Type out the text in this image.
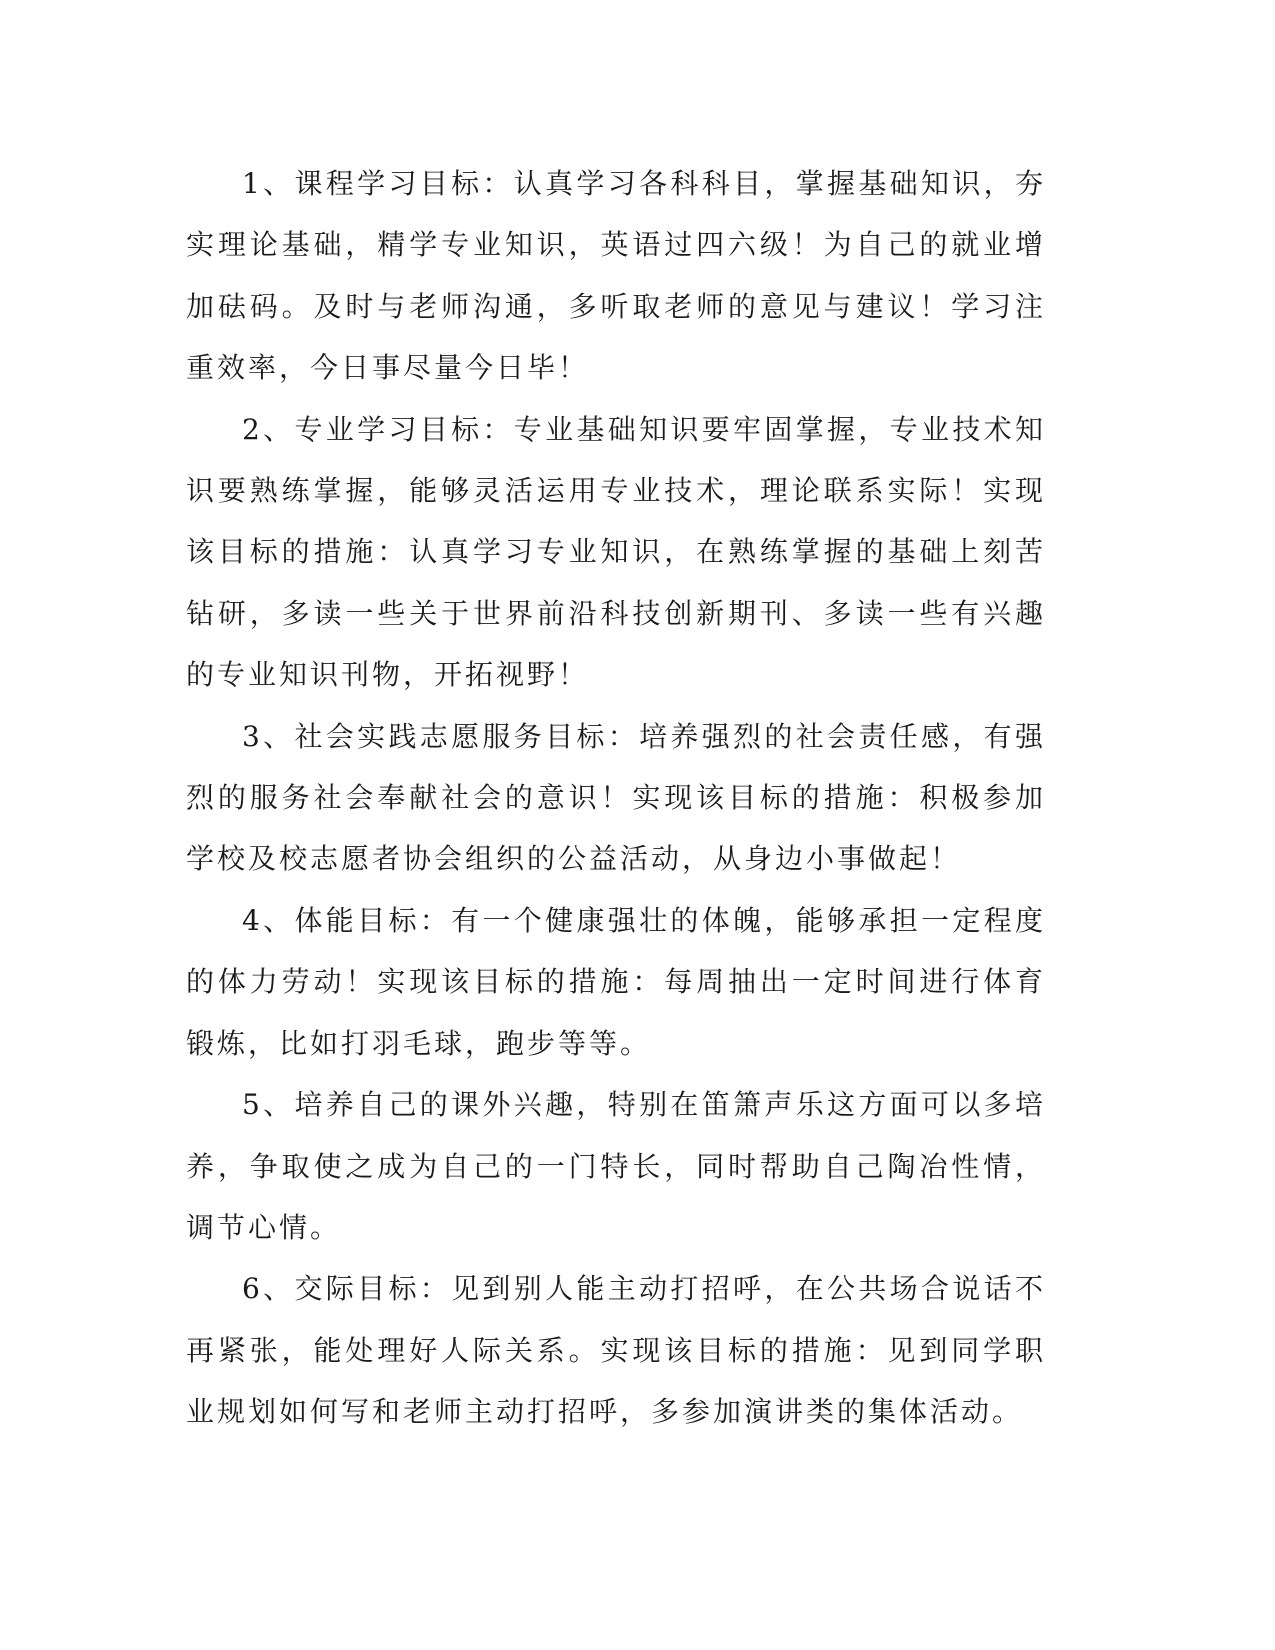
1、课程学习目标：认真学习各科科目，掌握基础知识，夯实理论基础，精学专业知识，英语过四六级！为自己的就业增加砝码。及时与老师沟通，多听取老师的意见与建议！学习注重效率，今日事尽量今日毕！

2、专业学习目标：专业基础知识要牢固掌握，专业技术知识要熟练掌握，能够灵活运用专业技术，理论联系实际！实现该目标的措施：认真学习专业知识，在熟练掌握的基础上刻苦钻研，多读一些关于世界前沿科技创新期刊、多读一些有兴趣的专业知识刊物，开拓视野！

3、社会实践志愿服务目标：培养强烈的社会责任感，有强烈的服务社会奉献社会的意识！实现该目标的措施：积极参加学校及校志愿者协会组织的公益活动，从身边小事做起！

4、体能目标：有一个健康强壮的体魄，能够承担一定程度的体力劳动！实现该目标的措施：每周抽出一定时间进行体育锻炼，比如打羽毛球，跑步等等。

5、培养自己的课外兴趣，特别在笛箫声乐这方面可以多培养，争取使之成为自己的一门特长，同时帮助自己陶冶性情，调节心情。

6、交际目标：见到别人能主动打招呼，在公共场合说话不再紧张，能处理好人际关系。实现该目标的措施：见到同学职业规划如何写和老师主动打招呼，多参加演讲类的集体活动。
